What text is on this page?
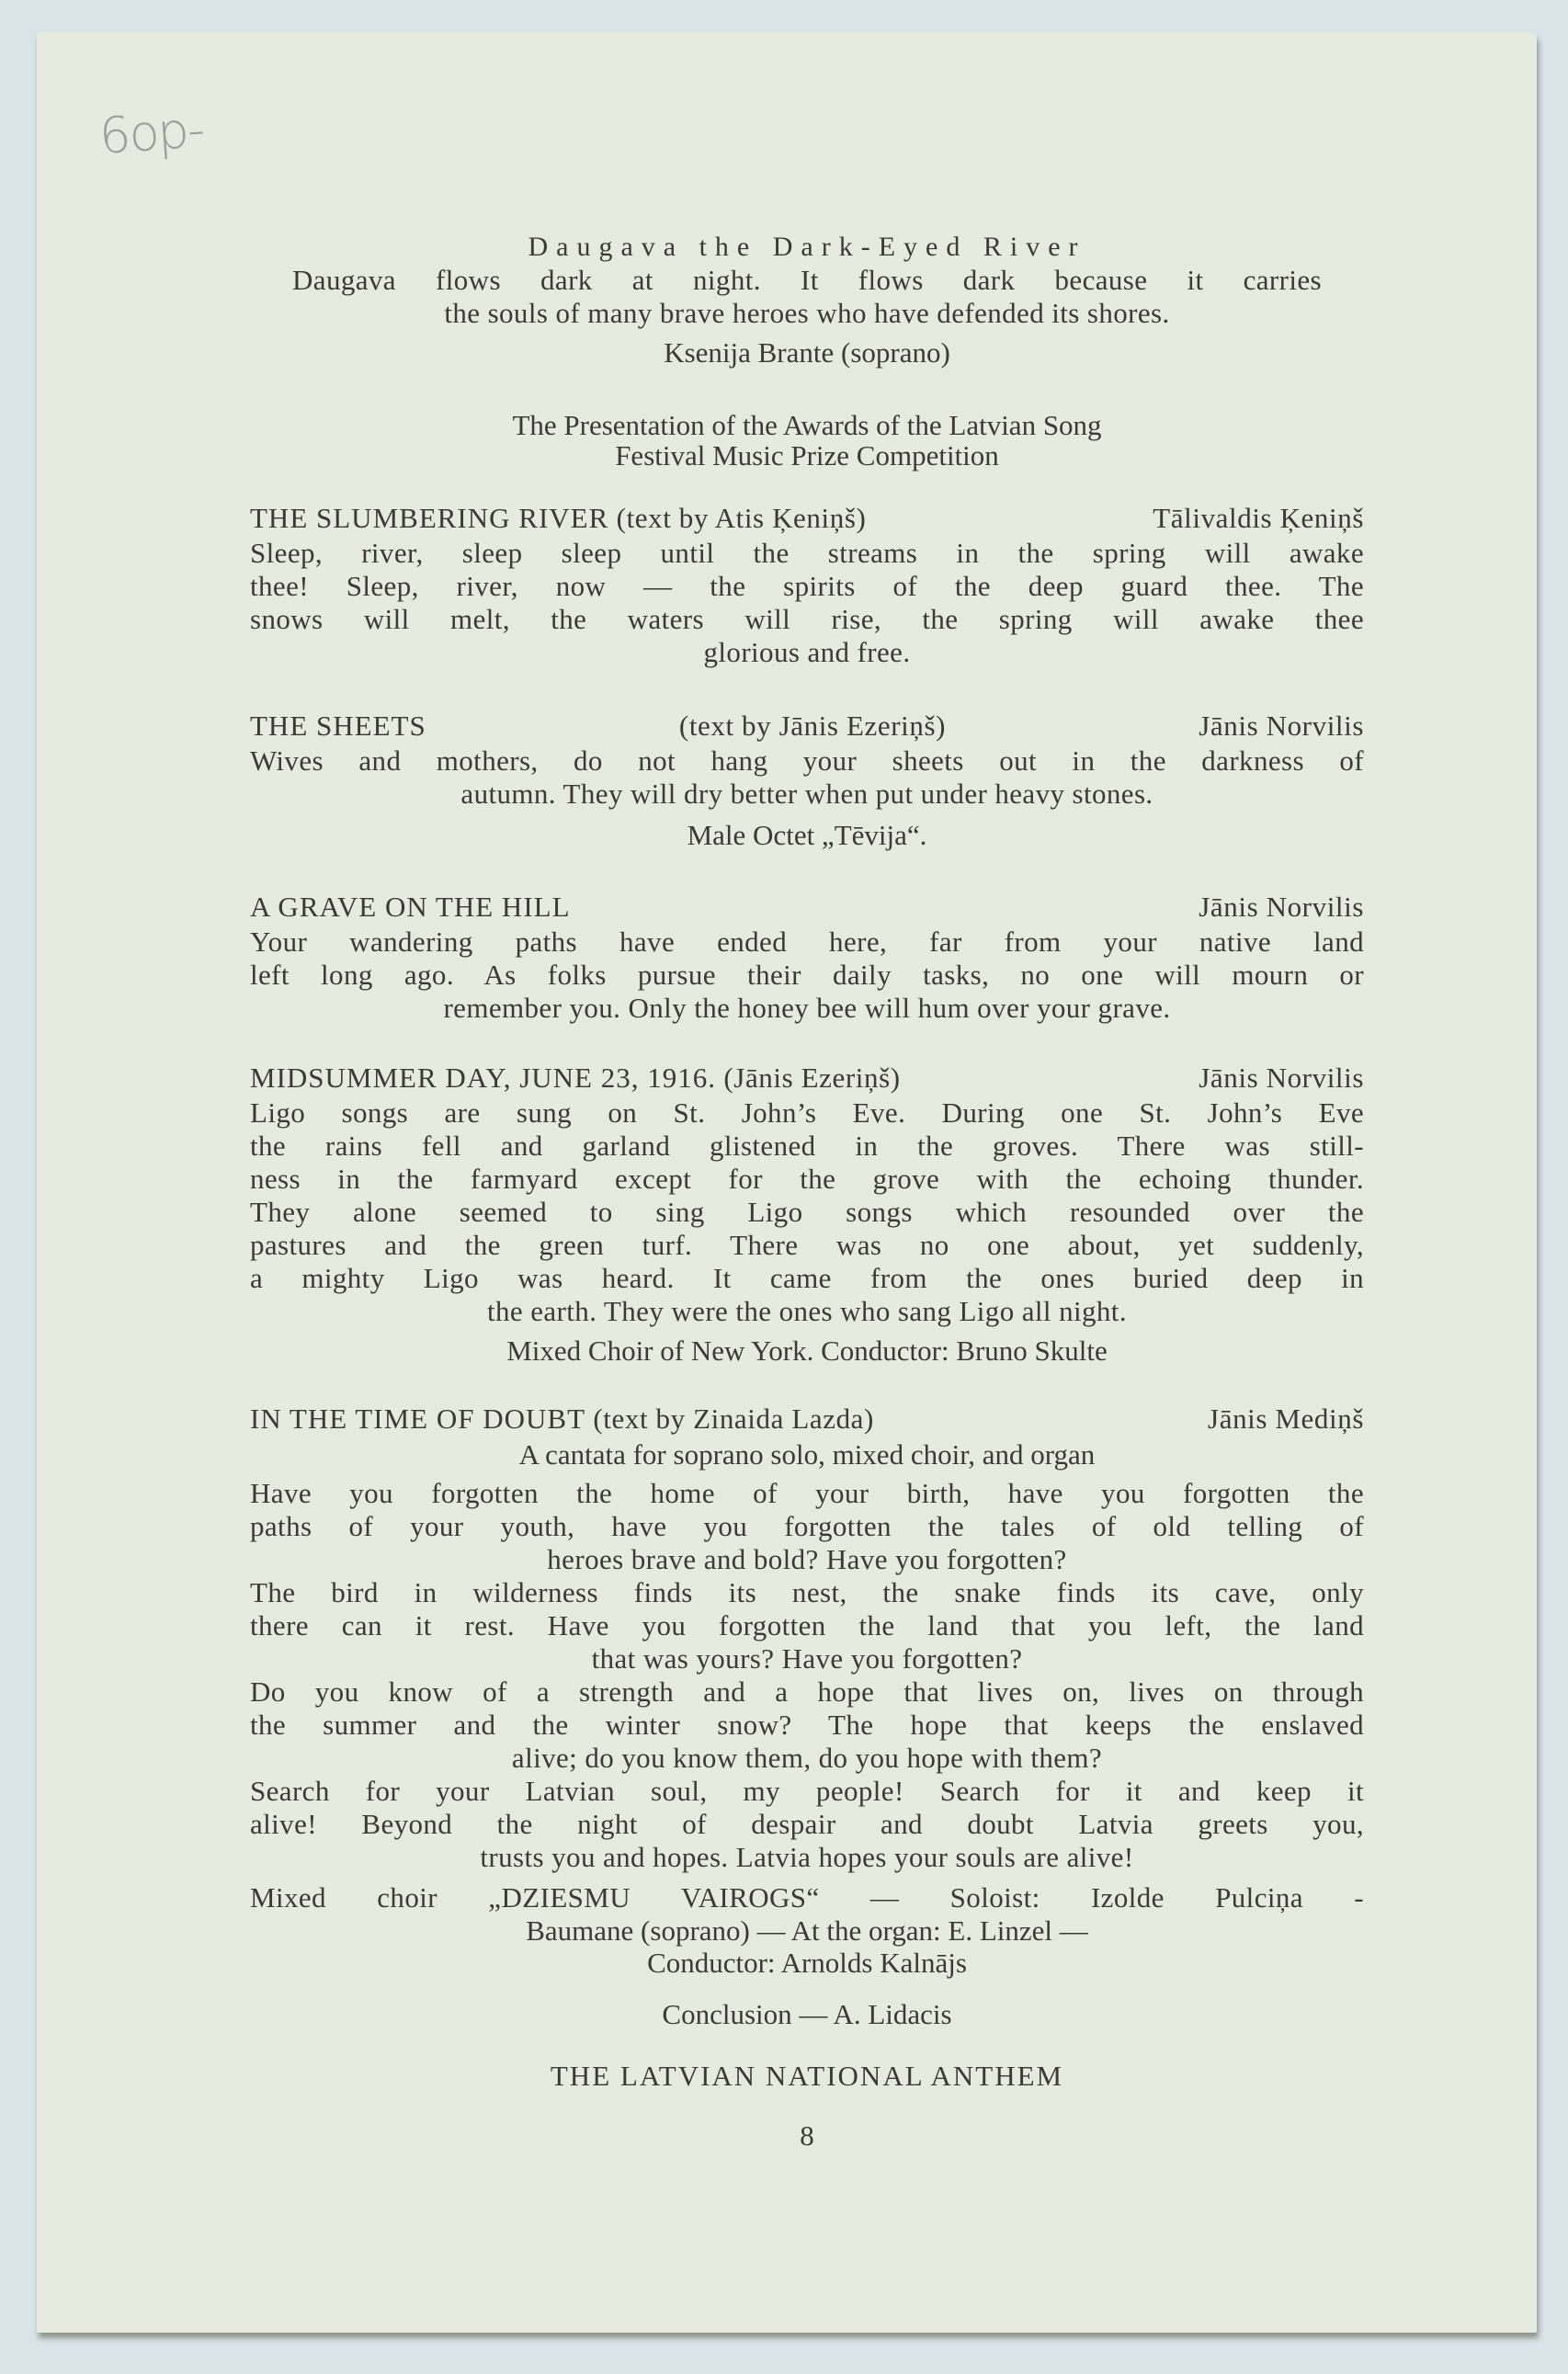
6op-
Daugava the Dark-Eyed River
Daugava flows dark at night. It flows dark because it carries
the souls of many brave heroes who have defended its shores.
Ksenija Brante (soprano)
The Presentation of the Awards of the Latvian Song
Festival Music Prize Competition
THE SLUMBERING RIVER (text by Atis Ķeniņš)	Tālivaldis Ķeniņš
Sleep, river, sleep sleep until the streams in the spring will awake
thee! Sleep, river, now — the spirits of the deep guard thee. The
snows will melt, the waters will rise, the spring will awake thee
glorious and free.
THE SHEETS	(text by Jānis Ezeriņš)	Jānis Norvilis
Wives and mothers, do not hang your sheets out in the darkness of
autumn. They will dry better when put under heavy stones.
Male Octet „Tēvija“.
A GRAVE ON THE HILL	Jānis Norvilis
Your wandering paths have ended here, far from your native land
left long ago. As folks pursue their daily tasks, no one will mourn or
remember you. Only the honey bee will hum over your grave.
MIDSUMMER DAY, JUNE 23, 1916. (Jānis Ezeriņš)	Jānis Norvilis
Ligo songs are sung on St. John’s Eve. During one St. John’s Eve
the rains fell and garland glistened in the groves. There was still-
ness in the farmyard except for the grove with the echoing thunder.
They alone seemed to sing Ligo songs which resounded over the
pastures and the green turf. There was no one about, yet suddenly,
a mighty Ligo was heard. It came from the ones buried deep in
the earth. They were the ones who sang Ligo all night.
Mixed Choir of New York. Conductor: Bruno Skulte
IN THE TIME OF DOUBT (text by Zinaida Lazda)	Jānis Mediņš
A cantata for soprano solo, mixed choir, and organ
Have you forgotten the home of your birth, have you forgotten the
paths of your youth, have you forgotten the tales of old telling of
heroes brave and bold? Have you forgotten?
The bird in wilderness finds its nest, the snake finds its cave, only
there can it rest. Have you forgotten the land that you left, the land
that was yours? Have you forgotten?
Do you know of a strength and a hope that lives on, lives on through
the summer and the winter snow? The hope that keeps the enslaved
alive; do you know them, do you hope with them?
Search for your Latvian soul, my people! Search for it and keep it
alive! Beyond the night of despair and doubt Latvia greets you,
trusts you and hopes. Latvia hopes your souls are alive!
Mixed choir „DZIESMU VAIROGS“ — Soloist: Izolde Pulciņa -
Baumane (soprano) — At the organ: E. Linzel —
Conductor: Arnolds Kalnājs
Conclusion — A. Lidacis
THE LATVIAN NATIONAL ANTHEM
8
